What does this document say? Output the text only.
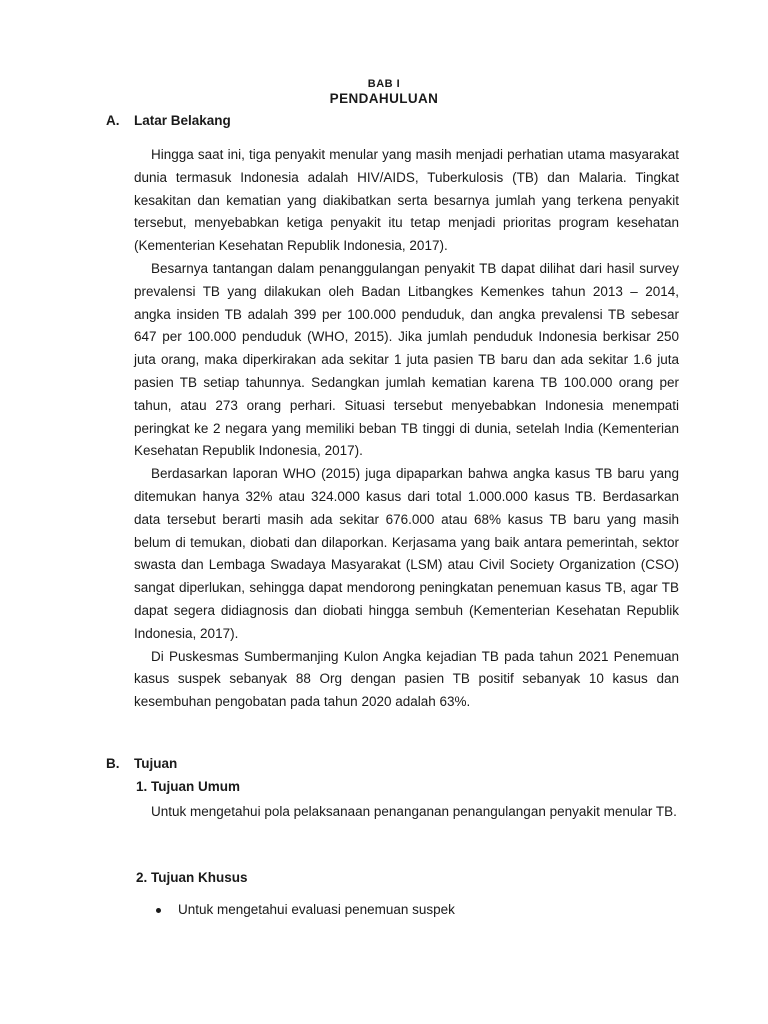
BAB I
PENDAHULUAN
A. Latar Belakang

Hingga saat ini, tiga penyakit menular yang masih menjadi perhatian utama masyarakat dunia termasuk Indonesia adalah HIV/AIDS, Tuberkulosis (TB) dan Malaria. Tingkat kesakitan dan kematian yang diakibatkan serta besarnya jumlah yang terkena penyakit tersebut, menyebabkan ketiga penyakit itu tetap menjadi prioritas program kesehatan (Kementerian Kesehatan Republik Indonesia, 2017).

Besarnya tantangan dalam penanggulangan penyakit TB dapat dilihat dari hasil survey prevalensi TB yang dilakukan oleh Badan Litbangkes Kemenkes tahun 2013 – 2014, angka insiden TB adalah 399 per 100.000 penduduk, dan angka prevalensi TB sebesar 647 per 100.000 penduduk (WHO, 2015). Jika jumlah penduduk Indonesia berkisar 250 juta orang, maka diperkirakan ada sekitar 1 juta pasien TB baru dan ada sekitar 1.6 juta pasien TB setiap tahunnya. Sedangkan jumlah kematian karena TB 100.000 orang per tahun, atau 273 orang perhari. Situasi tersebut menyebabkan Indonesia menempati peringkat ke 2 negara yang memiliki beban TB tinggi di dunia, setelah India (Kementerian Kesehatan Republik Indonesia, 2017).

Berdasarkan laporan WHO (2015) juga dipaparkan bahwa angka kasus TB baru yang ditemukan hanya 32% atau 324.000 kasus dari total 1.000.000 kasus TB. Berdasarkan data tersebut berarti masih ada sekitar 676.000 atau 68% kasus TB baru yang masih belum di temukan, diobati dan dilaporkan. Kerjasama yang baik antara pemerintah, sektor swasta dan Lembaga Swadaya Masyarakat (LSM) atau Civil Society Organization (CSO) sangat diperlukan, sehingga dapat mendorong peningkatan penemuan kasus TB, agar TB dapat segera didiagnosis dan diobati hingga sembuh (Kementerian Kesehatan Republik Indonesia, 2017).

Di Puskesmas Sumbermanjing Kulon Angka kejadian TB pada tahun 2021 Penemuan kasus suspek sebanyak 88 Org dengan pasien TB positif sebanyak 10 kasus dan kesembuhan pengobatan pada tahun 2020 adalah 63%.

B. Tujuan
1. Tujuan Umum
Untuk mengetahui pola pelaksanaan penanganan penangulangan penyakit menular TB.
2. Tujuan Khusus
Untuk mengetahui evaluasi penemuan suspek
